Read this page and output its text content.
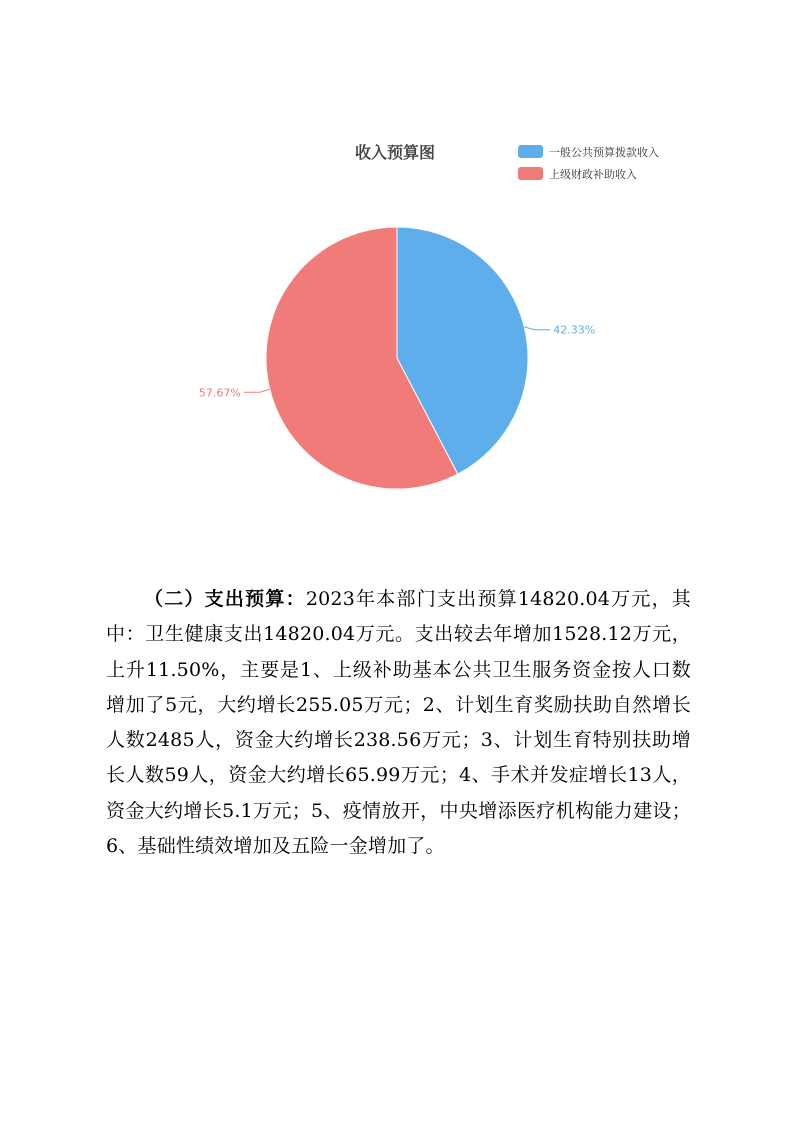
收入预算图	一般公共预算拨款收入
上级财政补助收入
42.33%
57.67%

（二）支出预算：2023年本部门支出预算14820.04万元，其中：卫生健康支出14820.04万元。支出较去年增加1528.12万元，上升11.50%，主要是1、上级补助基本公共卫生服务资金按人口数增加了5元，大约增长255.05万元；2、计划生育奖励扶助自然增长人数2485人，资金大约增长238.56万元；3、计划生育特别扶助增长人数59人，资金大约增长65.99万元；4、手术并发症增长13人，资金大约增长5.1万元；5、疫情放开，中央增添医疗机构能力建设；6、基础性绩效增加及五险一金增加了。
